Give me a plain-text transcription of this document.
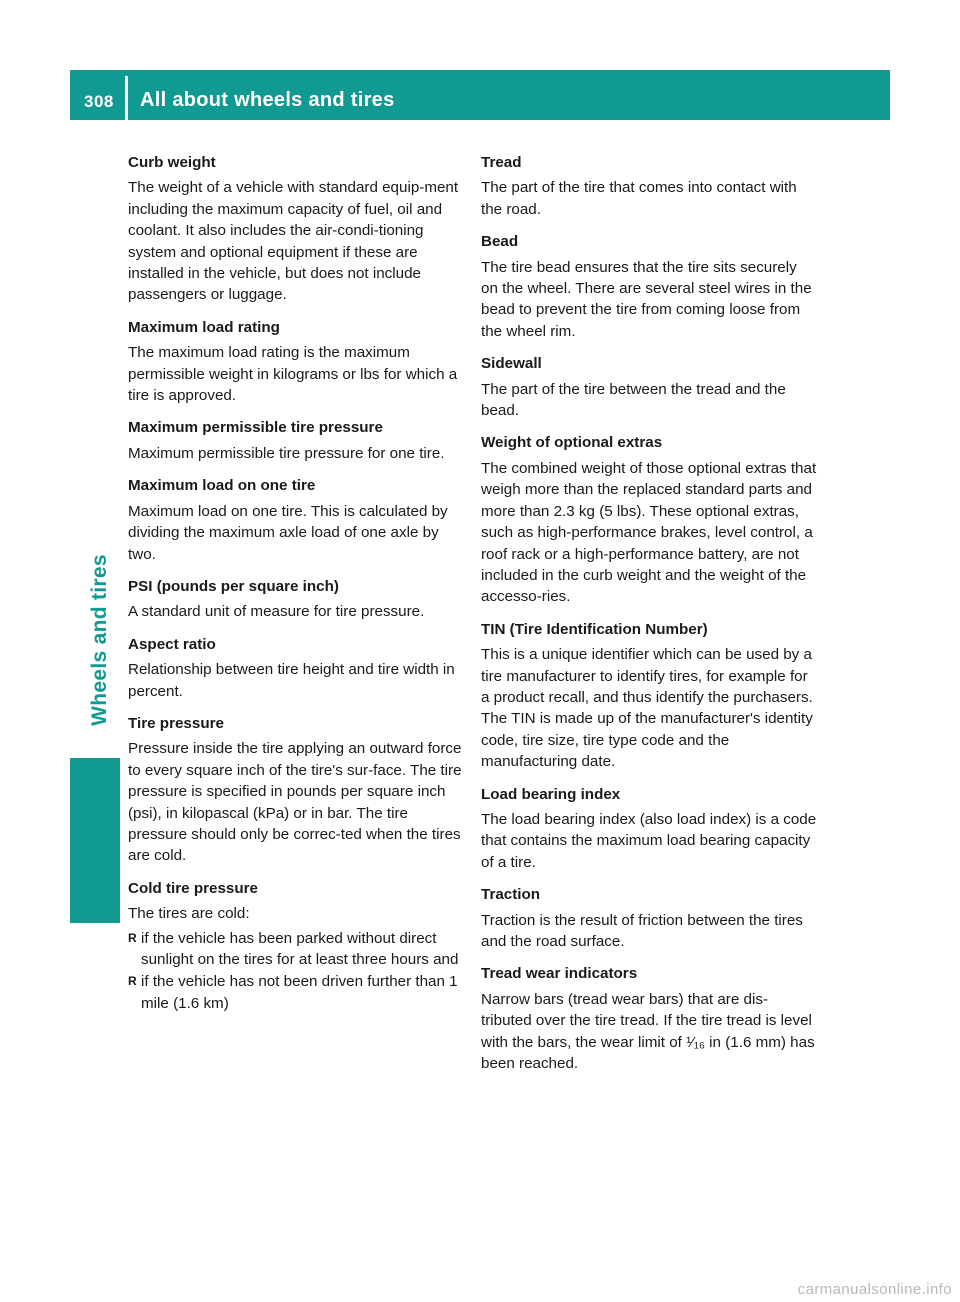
308 All about wheels and tires
Wheels and tires
Curb weight
The weight of a vehicle with standard equip-ment including the maximum capacity of fuel, oil and coolant. It also includes the air-condi-tioning system and optional equipment if these are installed in the vehicle, but does not include passengers or luggage.
Maximum load rating
The maximum load rating is the maximum permissible weight in kilograms or lbs for which a tire is approved.
Maximum permissible tire pressure
Maximum permissible tire pressure for one tire.
Maximum load on one tire
Maximum load on one tire. This is calculated by dividing the maximum axle load of one axle by two.
PSI (pounds per square inch)
A standard unit of measure for tire pressure.
Aspect ratio
Relationship between tire height and tire width in percent.
Tire pressure
Pressure inside the tire applying an outward force to every square inch of the tire's sur-face. The tire pressure is specified in pounds per square inch (psi), in kilopascal (kPa) or in bar. The tire pressure should only be correc-ted when the tires are cold.
Cold tire pressure
The tires are cold:
R if the vehicle has been parked without direct sunlight on the tires for at least three hours and
R if the vehicle has not been driven further than 1 mile (1.6 km)
Tread
The part of the tire that comes into contact with the road.
Bead
The tire bead ensures that the tire sits securely on the wheel. There are several steel wires in the bead to prevent the tire from coming loose from the wheel rim.
Sidewall
The part of the tire between the tread and the bead.
Weight of optional extras
The combined weight of those optional extras that weigh more than the replaced standard parts and more than 2.3 kg (5 lbs). These optional extras, such as high-performance brakes, level control, a roof rack or a high-performance battery, are not included in the curb weight and the weight of the accesso-ries.
TIN (Tire Identification Number)
This is a unique identifier which can be used by a tire manufacturer to identify tires, for example for a product recall, and thus identify the purchasers. The TIN is made up of the manufacturer's identity code, tire size, tire type code and the manufacturing date.
Load bearing index
The load bearing index (also load index) is a code that contains the maximum load bearing capacity of a tire.
Traction
Traction is the result of friction between the tires and the road surface.
Tread wear indicators
Narrow bars (tread wear bars) that are dis-tributed over the tire tread. If the tire tread is level with the bars, the wear limit of ¹⁄₁₆ in (1.6 mm) has been reached.
carmanualsonline.info
